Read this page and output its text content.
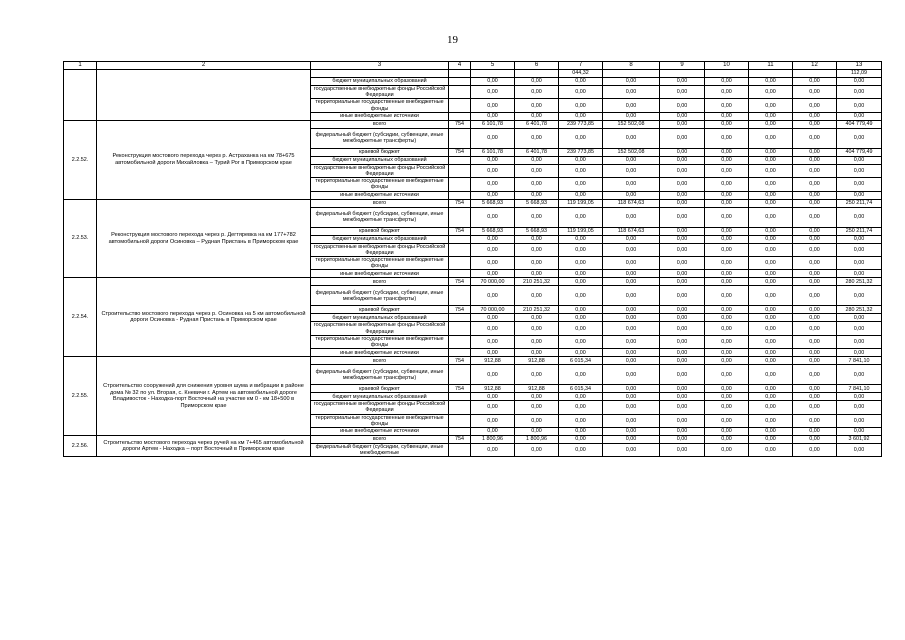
19
1	2	3	4	5	6	7	8	9	10	11	12	13
						044,32						112,09
		бюджет муниципальных образований		0,00	0,00	0,00	0,00	0,00	0,00	0,00	0,00	0,00
		государственные внебюджетные фонды Российской Федерации		0,00	0,00	0,00	0,00	0,00	0,00	0,00	0,00	0,00
		территориальные государственные внебюджетные фонды		0,00	0,00	0,00	0,00	0,00	0,00	0,00	0,00	0,00
		иные внебюджетные источники		0,00	0,00	0,00	0,00	0,00	0,00	0,00	0,00	0,00
2.2.52.	Реконструкция мостового перехода через р. Астраханка на км 78+675 автомобильной дороги Михайловка – Турий Рог в Приморском крае	всего	754	6 101,78	6 401,78	239 773,85	152 502,08	0,00	0,00	0,00	0,00	404 779,49
		федеральный бюджет (субсидии, субвенции, иные межбюджетные трансферты)		0,00	0,00	0,00	0,00	0,00	0,00	0,00	0,00	0,00
		краевой бюджет	754	6 101,78	6 401,78	239 773,85	152 502,08	0,00	0,00	0,00	0,00	404 779,49
		бюджет муниципальных образований		0,00	0,00	0,00	0,00	0,00	0,00	0,00	0,00	0,00
		государственные внебюджетные фонды Российской Федерации		0,00	0,00	0,00	0,00	0,00	0,00	0,00	0,00	0,00
		территориальные государственные внебюджетные фонды		0,00	0,00	0,00	0,00	0,00	0,00	0,00	0,00	0,00
		иные внебюджетные источники		0,00	0,00	0,00	0,00	0,00	0,00	0,00	0,00	0,00
2.2.53.	Реконструкция мостового перехода через р. Дегтяревка на км 177+782 автомобильной дороги Осиновка – Рудная Пристань в Приморском крае	всего	754	5 668,93	5 668,93	119 199,05	118 674,63	0,00	0,00	0,00	0,00	250 211,74
		федеральный бюджет (субсидии, субвенции, иные межбюджетные трансферты)		0,00	0,00	0,00	0,00	0,00	0,00	0,00	0,00	0,00
		краевой бюджет	754	5 668,93	5 668,93	119 199,05	118 674,63	0,00	0,00	0,00	0,00	250 211,74
		бюджет муниципальных образований		0,00	0,00	0,00	0,00	0,00	0,00	0,00	0,00	0,00
		государственные внебюджетные фонды Российской Федерации		0,00	0,00	0,00	0,00	0,00	0,00	0,00	0,00	0,00
		территориальные государственные внебюджетные фонды		0,00	0,00	0,00	0,00	0,00	0,00	0,00	0,00	0,00
		иные внебюджетные источники		0,00	0,00	0,00	0,00	0,00	0,00	0,00	0,00	0,00
2.2.54.	Строительство мостового перехода через р. Осиновка на 5 км автомобильной дороги Осиновка - Рудная Пристань в Приморском крае	всего	754	70 000,00	210 251,32	0,00	0,00	0,00	0,00	0,00	0,00	280 251,32
		федеральный бюджет (субсидии, субвенции, иные межбюджетные трансферты)		0,00	0,00	0,00	0,00	0,00	0,00	0,00	0,00	0,00
		краевой бюджет	754	70 000,00	210 251,32	0,00	0,00	0,00	0,00	0,00	0,00	280 251,32
		бюджет муниципальных образований		0,00	0,00	0,00	0,00	0,00	0,00	0,00	0,00	0,00
		государственные внебюджетные фонды Российской Федерации		0,00	0,00	0,00	0,00	0,00	0,00	0,00	0,00	0,00
		территориальные государственные внебюджетные фонды		0,00	0,00	0,00	0,00	0,00	0,00	0,00	0,00	0,00
		иные внебюджетные источники		0,00	0,00	0,00	0,00	0,00	0,00	0,00	0,00	0,00
2.2.55.	Строительство сооружений для снижения уровня шума и вибрации в районе дома № 32 по ул. Вторая, с. Кневичи г. Артем на автомобильной дороге Владивосток - Находка-порт Восточный на участке км 0 - км 18+500 в Приморском крае	всего	754	912,88	912,88	6 015,34	0,00	0,00	0,00	0,00	0,00	7 841,10
		федеральный бюджет (субсидии, субвенции, иные межбюджетные трансферты)		0,00	0,00	0,00	0,00	0,00	0,00	0,00	0,00	0,00
		краевой бюджет	754	912,88	912,88	6 015,34	0,00	0,00	0,00	0,00	0,00	7 841,10
		бюджет муниципальных образований		0,00	0,00	0,00	0,00	0,00	0,00	0,00	0,00	0,00
		государственные внебюджетные фонды Российской Федерации		0,00	0,00	0,00	0,00	0,00	0,00	0,00	0,00	0,00
		территориальные государственные внебюджетные фонды		0,00	0,00	0,00	0,00	0,00	0,00	0,00	0,00	0,00
		иные внебюджетные источники		0,00	0,00	0,00	0,00	0,00	0,00	0,00	0,00	0,00
2.2.56.	Строительство мостового перехода через ручей на км 7+465 автомобильной дороги Артем - Находка – порт Восточный в Приморском крае	всего	754	1 800,96	1 800,96	0,00	0,00	0,00	0,00	0,00	0,00	3 601,92
		федеральный бюджет (субсидии, субвенции, иные межбюджетные		0,00	0,00	0,00	0,00	0,00	0,00	0,00	0,00	0,00
